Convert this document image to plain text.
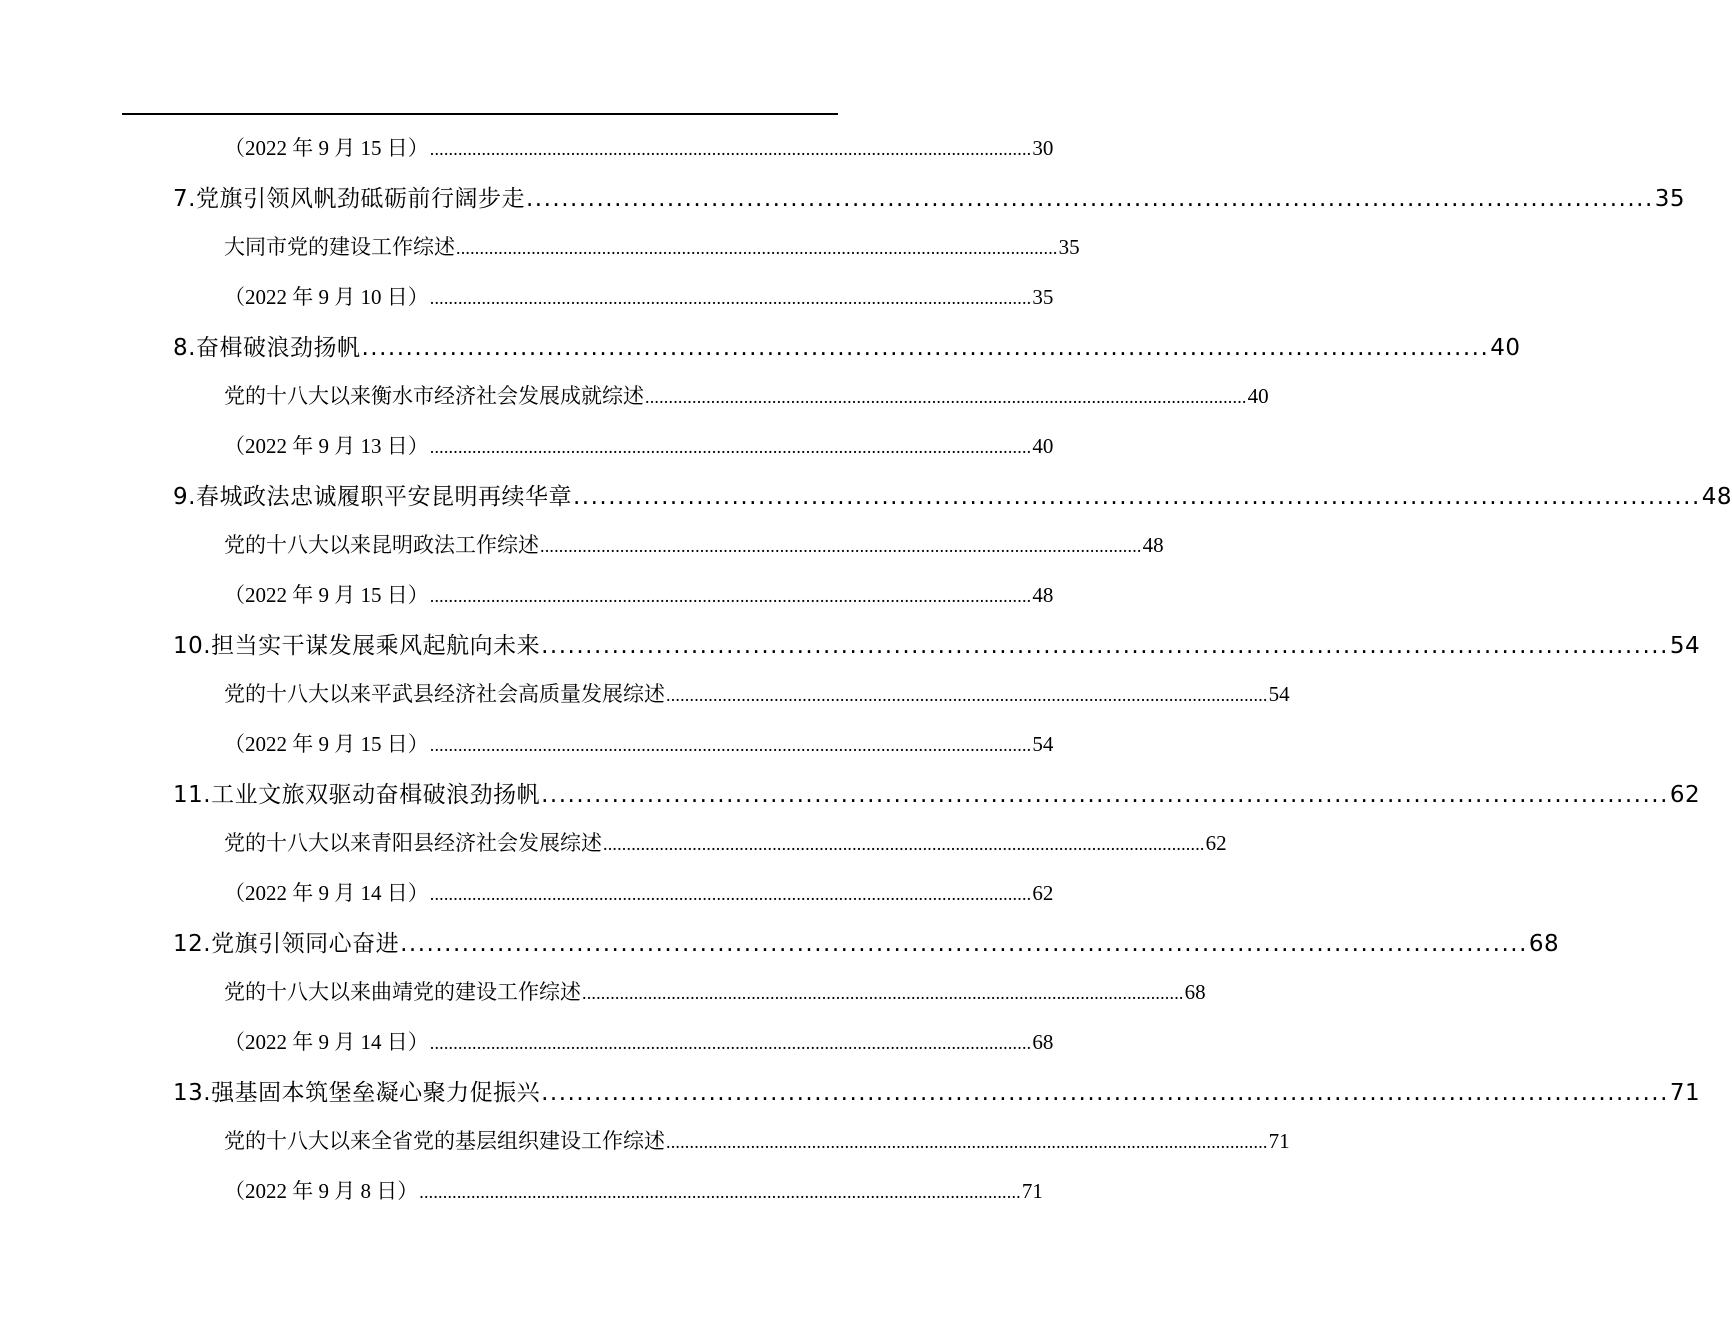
（2022 年 9 月 15 日） ................................................................................................................................ 30
7.党旗引领风帆劲砥砺前行阔步走 ................................................................................................................................ 35
大同市党的建设工作综述 ................................................................................................................................ 35
（2022 年 9 月 10 日） ................................................................................................................................ 35
8.奋楫破浪劲扬帆 ................................................................................................................................ 40
党的十八大以来衡水市经济社会发展成就综述 ................................................................................................................................ 40
（2022 年 9 月 13 日） ................................................................................................................................ 40
9.春城政法忠诚履职平安昆明再续华章 ................................................................................................................................ 48
党的十八大以来昆明政法工作综述 ................................................................................................................................ 48
（2022 年 9 月 15 日） ................................................................................................................................ 48
10.担当实干谋发展乘风起航向未来 ................................................................................................................................ 54
党的十八大以来平武县经济社会高质量发展综述 ................................................................................................................................ 54
（2022 年 9 月 15 日） ................................................................................................................................ 54
11.工业文旅双驱动奋楫破浪劲扬帆 ................................................................................................................................ 62
党的十八大以来青阳县经济社会发展综述 ................................................................................................................................ 62
（2022 年 9 月 14 日） ................................................................................................................................ 62
12.党旗引领同心奋进 ................................................................................................................................ 68
党的十八大以来曲靖党的建设工作综述 ................................................................................................................................ 68
（2022 年 9 月 14 日） ................................................................................................................................ 68
13.强基固本筑堡垒凝心聚力促振兴 ................................................................................................................................ 71
党的十八大以来全省党的基层组织建设工作综述 ................................................................................................................................ 71
（2022 年 9 月 8 日） ................................................................................................................................ 71
